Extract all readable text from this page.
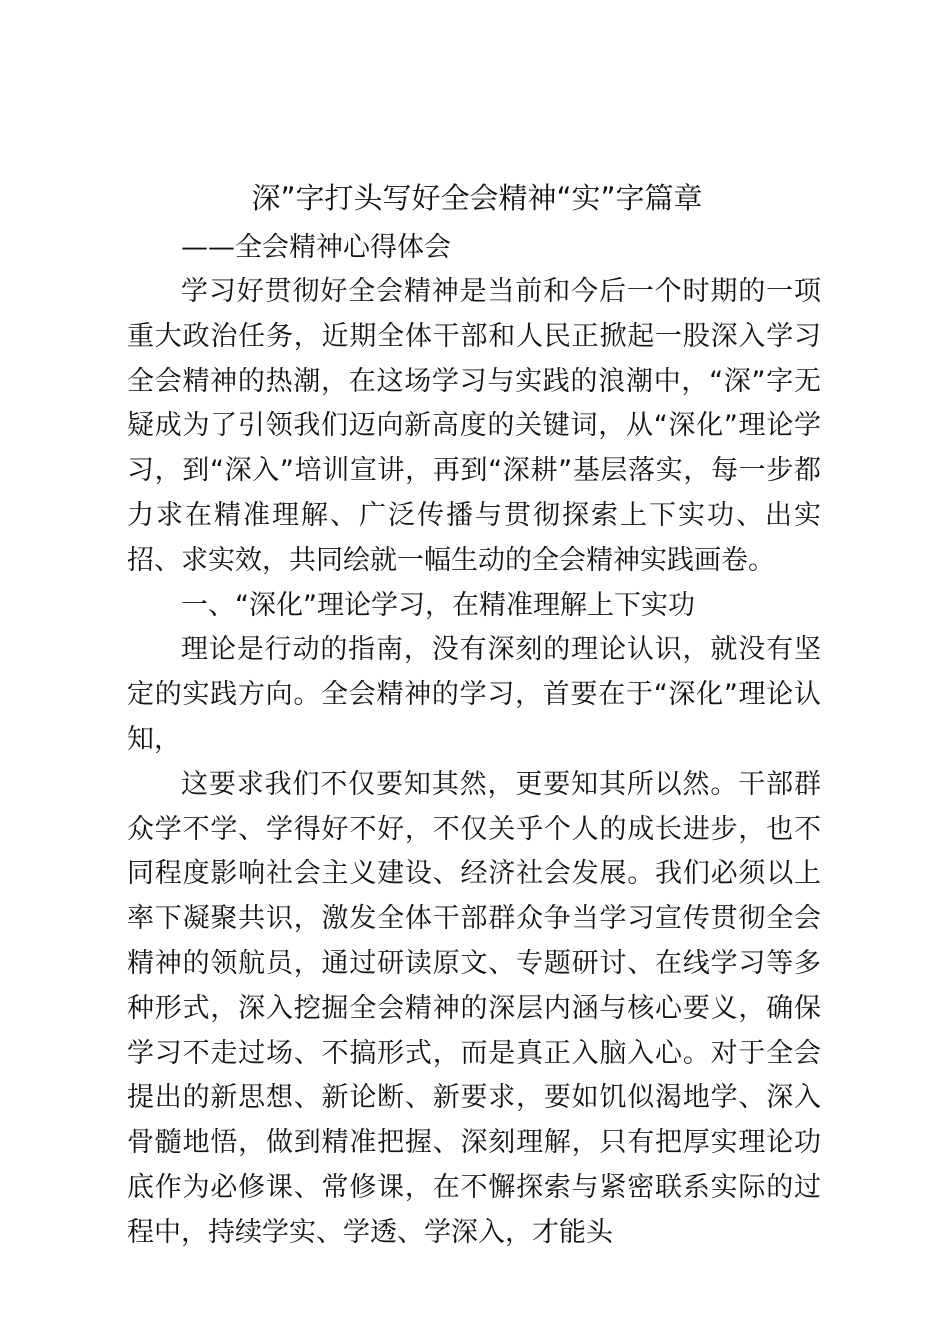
深”字打头写好全会精神“实”字篇章
——全会精神心得体会

学习好贯彻好全会精神是当前和今后一个时期的一项重大政治任务，近期全体干部和人民正掀起一股深入学习全会精神的热潮，在这场学习与实践的浪潮中，“深”字无疑成为了引领我们迈向新高度的关键词，从“深化”理论学习，到“深入”培训宣讲，再到“深耕”基层落实，每一步都力求在精准理解、广泛传播与贯彻探索上下实功、出实招、求实效，共同绘就一幅生动的全会精神实践画卷。

一、“深化”理论学习，在精准理解上下实功

理论是行动的指南，没有深刻的理论认识，就没有坚定的实践方向。全会精神的学习，首要在于“深化”理论认知，

这要求我们不仅要知其然，更要知其所以然。干部群众学不学、学得好不好，不仅关乎个人的成长进步，也不同程度影响社会主义建设、经济社会发展。我们必须以上率下凝聚共识，激发全体干部群众争当学习宣传贯彻全会精神的领航员，通过研读原文、专题研讨、在线学习等多种形式，深入挖掘全会精神的深层内涵与核心要义，确保学习不走过场、不搞形式，而是真正入脑入心。对于全会提出的新思想、新论断、新要求，要如饥似渴地学、深入骨髓地悟，做到精准把握、深刻理解，只有把厚实理论功底作为必修课、常修课，在不懈探索与紧密联系实际的过程中，持续学实、学透、学深入，才能头
